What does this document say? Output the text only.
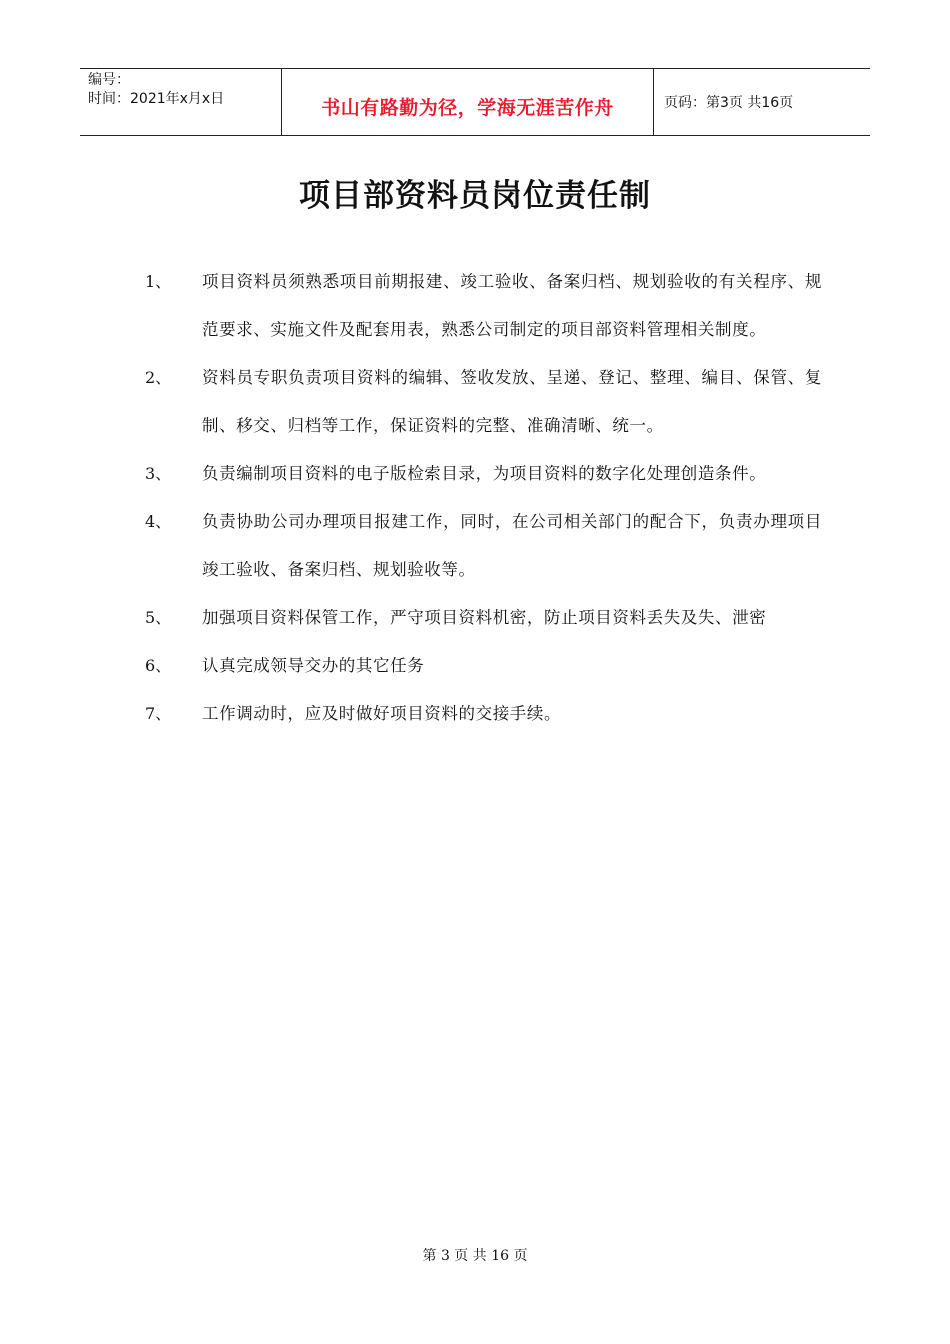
编号：
时间：2021年x月x日	书山有路勤为径，学海无涯苦作舟	页码：第3页 共16页
项目部资料员岗位责任制
1、 项目资料员须熟悉项目前期报建、竣工验收、备案归档、规划验收的有关程序、规范要求、实施文件及配套用表，熟悉公司制定的项目部资料管理相关制度。
2、 资料员专职负责项目资料的编辑、签收发放、呈递、登记、整理、编目、保管、复制、移交、归档等工作，保证资料的完整、准确清晰、统一。
3、 负责编制项目资料的电子版检索目录，为项目资料的数字化处理创造条件。
4、 负责协助公司办理项目报建工作，同时，在公司相关部门的配合下，负责办理项目竣工验收、备案归档、规划验收等。
5、 加强项目资料保管工作，严守项目资料机密，防止项目资料丢失及失、泄密
6、 认真完成领导交办的其它任务
7、 工作调动时，应及时做好项目资料的交接手续。
第 3 页 共 16 页
